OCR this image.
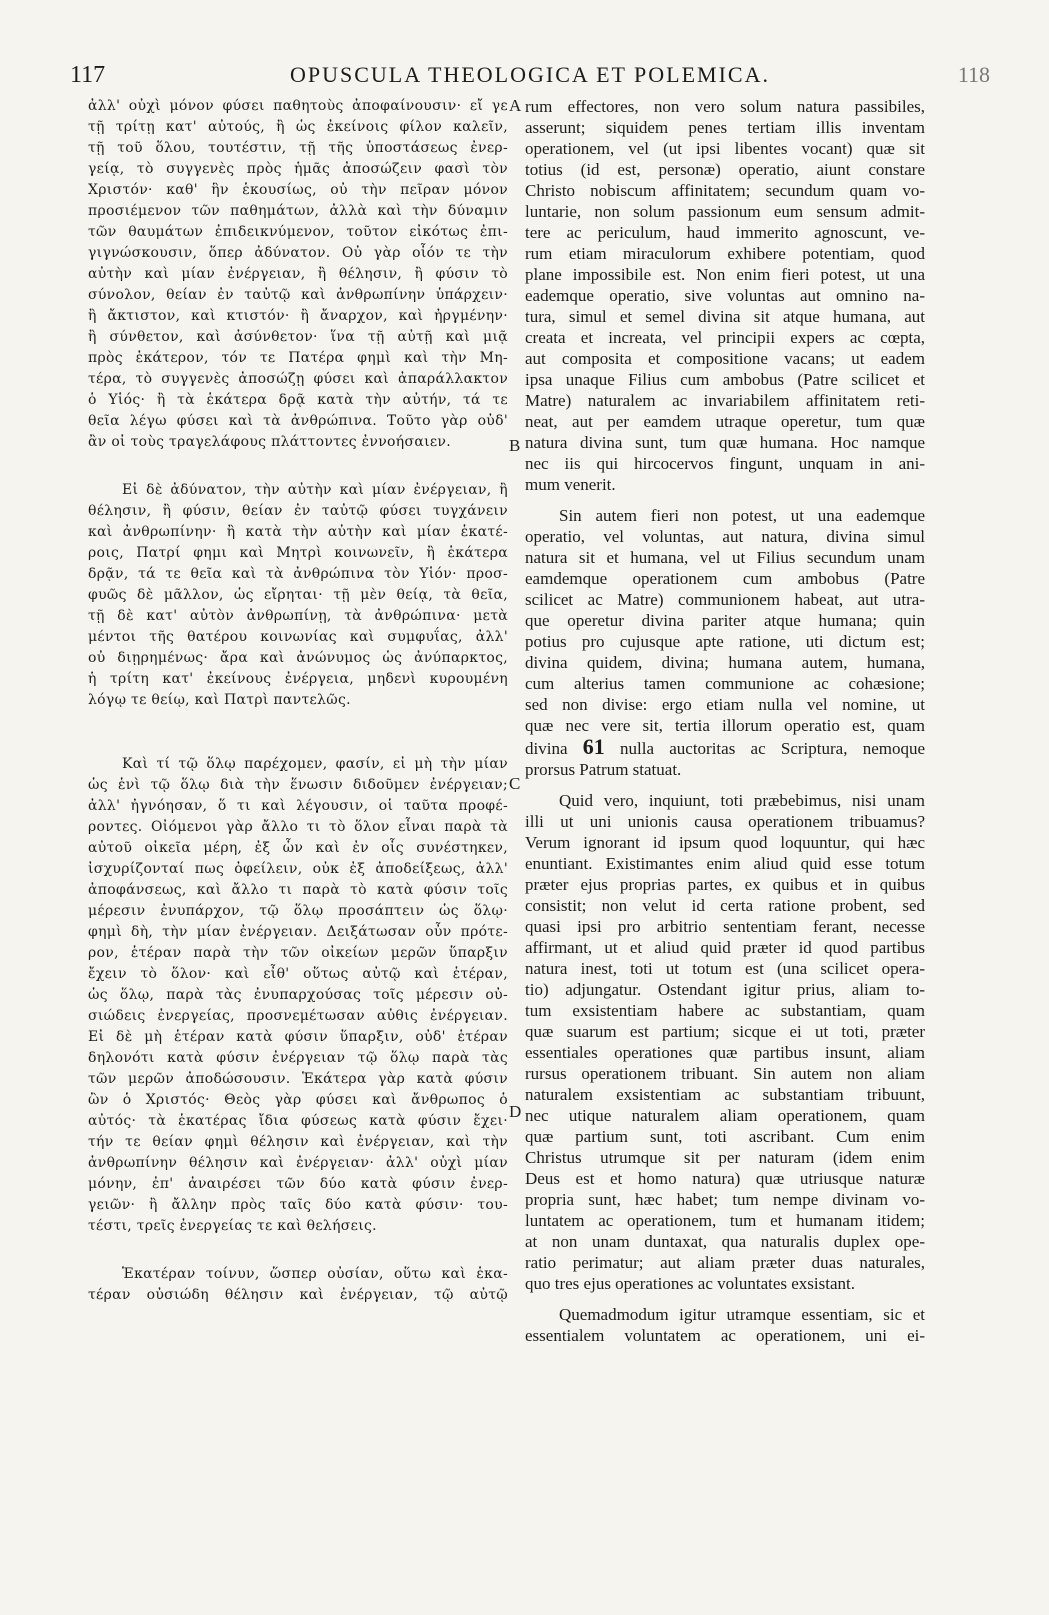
117	OPUSCULA THEOLOGICA ET POLEMICA.	118
A
B
C
D
ἀλλ' οὐχὶ μόνον φύσει παθητοὺς ἀποφαίνουσιν· εἴ γε
τῇ τρίτῃ κατ' αὐτούς, ἢ ὡς ἐκείνοις φίλον καλεῖν,
τῇ τοῦ ὅλου, τουτέστιν, τῇ τῆς ὑποστάσεως ἐνερ-
γείᾳ, τὸ συγγενὲς πρὸς ἡμᾶς ἀποσώζειν φασὶ τὸν
Χριστόν· καθ' ἣν ἑκουσίως, οὐ τὴν πεῖραν μόνον
προσιέμενον τῶν παθημάτων, ἀλλὰ καὶ τὴν δύναμιν
τῶν θαυμάτων ἐπιδεικνύμενον, τοῦτον εἰκότως ἐπι-
γιγνώσκουσιν, ὅπερ ἀδύνατον. Οὐ γὰρ οἷόν τε τὴν
αὐτὴν καὶ μίαν ἐνέργειαν, ἢ θέλησιν, ἢ φύσιν τὸ
σύνολον, θείαν ἐν ταὐτῷ καὶ ἀνθρωπίνην ὑπάρχειν·
ἢ ἄκτιστον, καὶ κτιστόν· ἢ ἄναρχον, καὶ ἠργμένην·
ἢ σύνθετον, καὶ ἀσύνθετον· ἵνα τῇ αὐτῇ καὶ μιᾷ
πρὸς ἑκάτερον, τόν τε Πατέρα φημὶ καὶ τὴν Μη-
τέρα, τὸ συγγενὲς ἀποσώζῃ φύσει καὶ ἀπαράλλακτον
ὁ Υἱός· ἢ τὰ ἑκάτερα δρᾷ κατὰ τὴν αὐτήν, τά τε
θεῖα λέγω φύσει καὶ τὰ ἀνθρώπινα. Τοῦτο γὰρ οὐδ'
ἂν οἱ τοὺς τραγελάφους πλάττοντες ἐννοήσαιεν.
Εἰ δὲ ἀδύνατον, τὴν αὐτὴν καὶ μίαν ἐνέργειαν, ἢ
θέλησιν, ἢ φύσιν, θείαν ἐν ταὐτῷ φύσει τυγχάνειν
καὶ ἀνθρωπίνην· ἢ κατὰ τὴν αὐτὴν καὶ μίαν ἑκατέ-
ροις, Πατρί φημι καὶ Μητρὶ κοινωνεῖν, ἢ ἑκάτερα
δρᾷν, τά τε θεῖα καὶ τὰ ἀνθρώπινα τὸν Υἱόν· προσ-
φυῶς δὲ μᾶλλον, ὡς εἴρηται· τῇ μὲν θείᾳ, τὰ θεῖα,
τῇ δὲ κατ' αὐτὸν ἀνθρωπίνῃ, τὰ ἀνθρώπινα· μετὰ
μέντοι τῆς θατέρου κοινωνίας καὶ συμφυΐας, ἀλλ'
οὐ διῃρημένως· ἄρα καὶ ἀνώνυμος ὡς ἀνύπαρκτος,
ἡ τρίτη κατ' ἐκείνους ἐνέργεια, μηδενὶ κυρουμένη
λόγῳ τε θείῳ, καὶ Πατρὶ παντελῶς.
Καὶ τί τῷ ὅλῳ παρέχομεν, φασίν, εἰ μὴ τὴν μίαν
ὡς ἑνὶ τῷ ὅλῳ διὰ τὴν ἕνωσιν διδοῦμεν ἐνέργειαν;
ἀλλ' ἠγνόησαν, ὅ τι καὶ λέγουσιν, οἱ ταῦτα προφέ-
ροντες. Οἰόμενοι γὰρ ἄλλο τι τὸ ὅλον εἶναι παρὰ τὰ
αὐτοῦ οἰκεῖα μέρη, ἐξ ὧν καὶ ἐν οἷς συνέστηκεν,
ἰσχυρίζονταί πως ὀφείλειν, οὐκ ἐξ ἀποδείξεως, ἀλλ'
ἀποφάνσεως, καὶ ἄλλο τι παρὰ τὸ κατὰ φύσιν τοῖς
μέρεσιν ἐνυπάρχον, τῷ ὅλῳ προσάπτειν ὡς ὅλῳ·
φημὶ δὴ, τὴν μίαν ἐνέργειαν. Δειξάτωσαν οὖν πρότε-
ρον, ἑτέραν παρὰ τὴν τῶν οἰκείων μερῶν ὕπαρξιν
ἔχειν τὸ ὅλον· καὶ εἶθ' οὕτως αὐτῷ καὶ ἑτέραν,
ὡς ὅλῳ, παρὰ τὰς ἐνυπαρχούσας τοῖς μέρεσιν οὐ-
σιώδεις ἐνεργείας, προσνεμέτωσαν αὐθις ἐνέργειαν.
Εἰ δὲ μὴ ἑτέραν κατὰ φύσιν ὕπαρξιν, οὐδ' ἑτέραν
δηλονότι κατὰ φύσιν ἐνέργειαν τῷ ὅλῳ παρὰ τὰς
τῶν μερῶν ἀποδώσουσιν. Ἑκάτερα γὰρ κατὰ φύσιν
ὢν ὁ Χριστός· Θεὸς γὰρ φύσει καὶ ἄνθρωπος ὁ
αὐτός· τὰ ἑκατέρας ἴδια φύσεως κατὰ φύσιν ἔχει·
τήν τε θείαν φημὶ θέλησιν καὶ ἐνέργειαν, καὶ τὴν
ἀνθρωπίνην θέλησιν καὶ ἐνέργειαν· ἀλλ' οὐχὶ μίαν
μόνην, ἐπ' ἀναιρέσει τῶν δύο κατὰ φύσιν ἐνερ-
γειῶν· ἢ ἄλλην πρὸς ταῖς δύο κατὰ φύσιν· του-
τέστι, τρεῖς ἐνεργείας τε καὶ θελήσεις.
Ἑκατέραν τοίνυν, ὥσπερ οὐσίαν, οὕτω καὶ ἑκα-
τέραν οὐσιώδη θέλησιν καὶ ἐνέργειαν, τῷ αὐτῷ
rum effectores, non vero solum natura passibiles,
asserunt; siquidem penes tertiam illis inventam
operationem, vel (ut ipsi libentes vocant) quæ sit
totius (id est, personæ) operatio, aiunt constare
Christo nobiscum affinitatem; secundum quam vo-
luntarie, non solum passionum eum sensum admit-
tere ac periculum, haud immerito agnoscunt, ve-
rum etiam miraculorum exhibere potentiam, quod
plane impossibile est. Non enim fieri potest, ut una
eademque operatio, sive voluntas aut omnino na-
tura, simul et semel divina sit atque humana, aut
creata et increata, vel principii expers ac cœpta,
aut composita et compositione vacans; ut eadem
ipsa unaque Filius cum ambobus (Patre scilicet et
Matre) naturalem ac invariabilem affinitatem reti-
neat, aut per eamdem utraque operetur, tum quæ
natura divina sunt, tum quæ humana. Hoc namque
nec iis qui hircocervos fingunt, unquam in ani-
mum venerit.
Sin autem fieri non potest, ut una eademque
operatio, vel voluntas, aut natura, divina simul
natura sit et humana, vel ut Filius secundum unam
eamdemque operationem cum ambobus (Patre
scilicet ac Matre) communionem habeat, aut utra-
que operetur divina pariter atque humana; quin
potius pro cujusque apte ratione, uti dictum est;
divina quidem, divina; humana autem, humana,
cum alterius tamen communione ac cohæsione;
sed non divise: ergo etiam nulla vel nomine, ut
quæ nec vere sit, tertia illorum operatio est, quam
divina 61 nulla auctoritas ac Scriptura, nemoque
prorsus Patrum statuat.
Quid vero, inquiunt, toti præbebimus, nisi unam
illi ut uni unionis causa operationem tribuamus?
Verum ignorant id ipsum quod loquuntur, qui hæc
enuntiant. Existimantes enim aliud quid esse totum
præter ejus proprias partes, ex quibus et in quibus
consistit; non velut id certa ratione probent, sed
quasi ipsi pro arbitrio sententiam ferant, necesse
affirmant, ut et aliud quid præter id quod partibus
natura inest, toti ut totum est (una scilicet opera-
tio) adjungatur. Ostendant igitur prius, aliam to-
tum exsistentiam habere ac substantiam, quam
quæ suarum est partium; sicque ei ut toti, præter
essentiales operationes quæ partibus insunt, aliam
rursus operationem tribuant. Sin autem non aliam
naturalem exsistentiam ac substantiam tribuunt,
nec utique naturalem aliam operationem, quam
quæ partium sunt, toti ascribant. Cum enim
Christus utrumque sit per naturam (idem enim
Deus est et homo natura) quæ utriusque naturæ
propria sunt, hæc habet; tum nempe divinam vo-
luntatem ac operationem, tum et humanam itidem;
at non unam duntaxat, qua naturalis duplex ope-
ratio perimatur; aut aliam præter duas naturales,
quo tres ejus operationes ac voluntates exsistant.
Quemadmodum igitur utramque essentiam, sic et
essentialem voluntatem ac operationem, uni ei-
